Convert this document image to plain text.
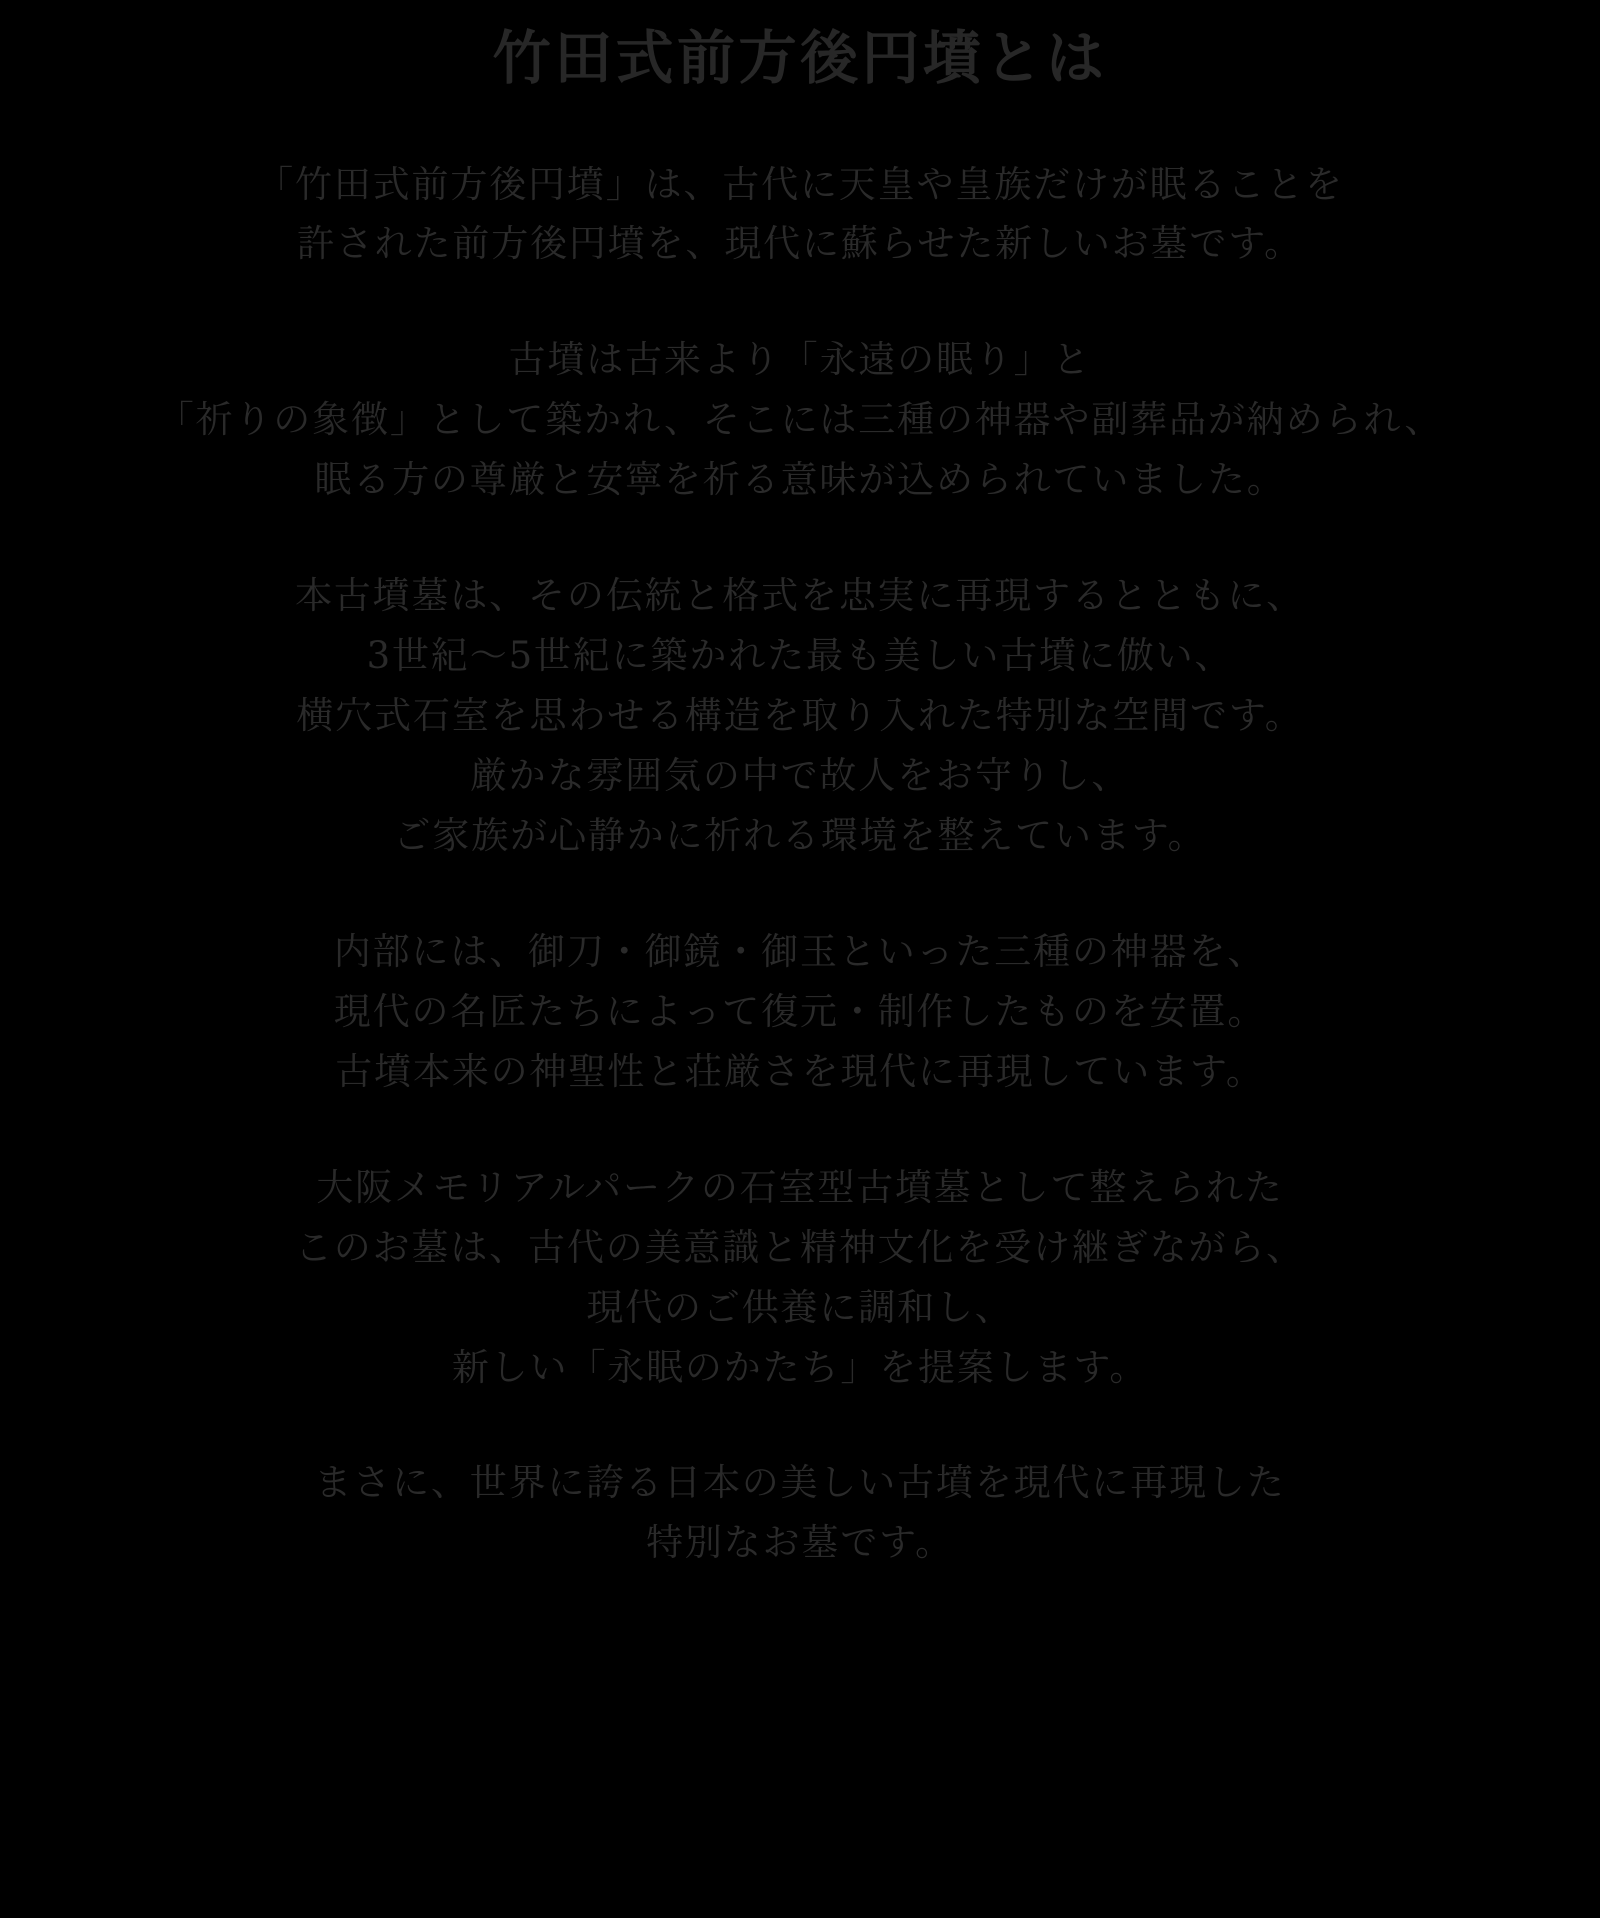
竹田式前方後円墳とは
「竹田式前方後円墳」は、古代に天皇や皇族だけが眠ることを
許された前方後円墳を、現代に蘇らせた新しいお墓です。
古墳は古来より「永遠の眠り」と
「祈りの象徴」として築かれ、そこには三種の神器や副葬品が納められ、
眠る方の尊厳と安寧を祈る意味が込められていました。
本古墳墓は、その伝統と格式を忠実に再現するとともに、
3世紀〜5世紀に築かれた最も美しい古墳に倣い、
横穴式石室を思わせる構造を取り入れた特別な空間です。
厳かな雰囲気の中で故人をお守りし、
ご家族が心静かに祈れる環境を整えています。
内部には、御刀・御鏡・御玉といった三種の神器を、
現代の名匠たちによって復元・制作したものを安置。
古墳本来の神聖性と荘厳さを現代に再現しています。
大阪メモリアルパークの石室型古墳墓として整えられた
このお墓は、古代の美意識と精神文化を受け継ぎながら、
現代のご供養に調和し、
新しい「永眠のかたち」を提案します。
まさに、世界に誇る日本の美しい古墳を現代に再現した
特別なお墓です。
